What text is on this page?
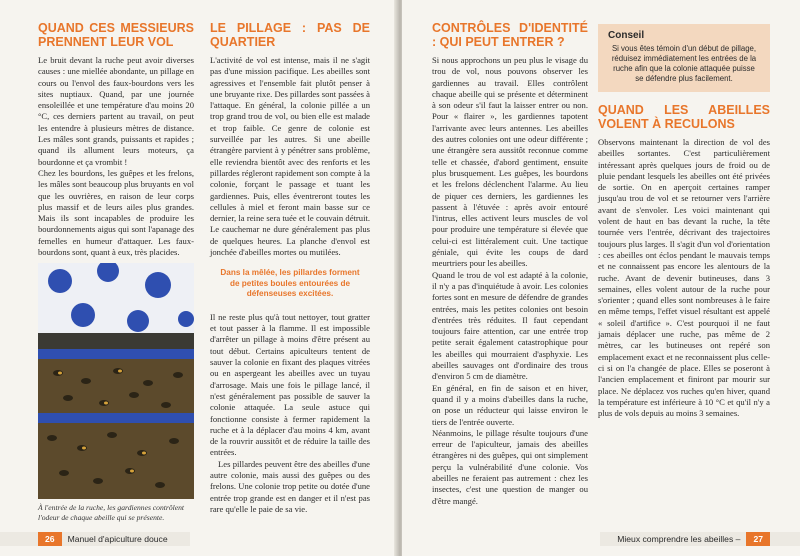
QUAND CES MESSIEURS PRENNENT LEUR VOL

Le bruit devant la ruche peut avoir diverses causes : une miellée abondante, un pillage en cours ou l'envol des faux-bourdons vers les sites nuptiaux. Quand, par une journée ensoleillée et une température d'au moins 20 °C, ces derniers partent au travail, on peut les entendre à plusieurs mètres de distance. Les mâles sont grands, puissants et rapides ; quand ils allument leurs moteurs, ça bourdonne et ça vrombit !

Chez les bourdons, les guêpes et les frelons, les mâles sont beaucoup plus bruyants en vol que les ouvrières, en raison de leur corps plus massif et de leurs ailes plus grandes. Mais ils sont incapables de produire les bourdonnements aigus qui sont l'apanage des femelles en humeur d'attaquer. Les faux-bourdons sont, quant à eux, très placides.

À l'entrée de la ruche, les gardiennes contrôlent l'odeur de chaque abeille qui se présente.
LE PILLAGE : PAS DE QUARTIER

L'activité de vol est intense, mais il ne s'agit pas d'une mission pacifique. Les abeilles sont agressives et l'ensemble fait plutôt penser à une bruyante rixe. Des pillardes sont passées à l'attaque. En général, la colonie pillée a un trop grand trou de vol, ou bien elle est malade et trop faible. Ce genre de colonie est surveillée par les autres. Si une abeille étrangère parvient à y pénétrer sans problème, elle reviendra bientôt avec des renforts et les pillardes régleront rapidement son compte à la colonie, forçant le passage et tuant les gardiennes. Puis, elles éventreront toutes les cellules à miel et feront main basse sur ce dernier, la reine sera tuée et le couvain détruit. Le cauchemar ne dure généralement pas plus de quelques heures. La planche d'envol est jonchée d'abeilles mortes ou mutilées.

Dans la mêlée, les pillardes forment de petites boules entourées de défenseuses excitées.

Il ne reste plus qu'à tout nettoyer, tout gratter et tout passer à la flamme. Il est impossible d'arrêter un pillage à moins d'être présent au tout début. Certains apiculteurs tentent de sauver la colonie en fixant des plaques vitrées ou en aspergeant les abeilles avec un tuyau d'arrosage. Mais une fois le pillage lancé, il n'est généralement pas possible de sauver la colonie attaquée. La seule astuce qui fonctionne consiste à fermer rapidement la ruche et à la déplacer d'au moins 4 km, avant de la rouvrir aussitôt et de réduire la taille des entrées.

Les pillardes peuvent être des abeilles d'une autre colonie, mais aussi des guêpes ou des frelons. Une colonie trop petite ou dotée d'une entrée trop grande est en danger et il n'est pas rare qu'elle le paie de sa vie.

26	Manuel d'apiculture douce
CONTRÔLES D'IDENTITÉ : QUI PEUT ENTRER ?

Si nous approchons un peu plus le visage du trou de vol, nous pouvons observer les gardiennes au travail. Elles contrôlent chaque abeille qui se présente et déterminent à son odeur s'il faut la laisser entrer ou non. Pour « flairer », les gardiennes tapotent l'arrivante avec leurs antennes. Les abeilles des autres colonies ont une odeur différente ; une étrangère sera aussitôt reconnue comme telle et chassée, d'abord gentiment, ensuite plus brusquement. Les guêpes, les bourdons et les frelons déclenchent l'alarme. Au lieu de piquer ces derniers, les gardiennes les passent à l'étuvée : après avoir entouré l'intrus, elles activent leurs muscles de vol pour produire une température si élevée que celui-ci est littéralement cuit. Une tactique géniale, qui évite les coups de dard meurtriers pour les abeilles.

Quand le trou de vol est adapté à la colonie, il n'y a pas d'inquiétude à avoir. Les colonies fortes sont en mesure de défendre de grandes entrées, mais les petites colonies ont besoin d'entrées très réduites. Il faut cependant toujours faire attention, car une entrée trop petite serait également catastrophique pour les abeilles qui mourraient d'asphyxie. Les abeilles sauvages ont d'ordinaire des trous d'environ 5 cm de diamètre.

En général, en fin de saison et en hiver, quand il y a moins d'abeilles dans la ruche, on pose un réducteur qui laisse environ le tiers de l'entrée ouverte.

Néanmoins, le pillage résulte toujours d'une erreur de l'apiculteur, jamais des abeilles étrangères ni des guêpes, qui ont simplement perçu la vulnérabilité d'une colonie. Vos abeilles ne feraient pas autrement : chez les insectes, c'est une question de manger ou d'être mangé.

Conseil
Si vous êtes témoin d'un début de pillage, réduisez immédiatement les entrées de la ruche afin que la colonie attaquée puisse se défendre plus facilement.
QUAND LES ABEILLES VOLENT À RECULONS

Observons maintenant la direction de vol des abeilles sortantes. C'est particulièrement intéressant après quelques jours de froid ou de pluie pendant lesquels les abeilles ont été privées de sortie. On en aperçoit certaines ramper jusqu'au trou de vol et se retourner vers l'arrière avant de s'envoler. Les voici maintenant qui volent de haut en bas devant la ruche, la tête tournée vers l'entrée, décrivant des trajectoires toujours plus larges. Il s'agit d'un vol d'orientation : ces abeilles ont éclos pendant le mauvais temps et ne connaissent pas encore les alentours de la ruche. Avant de devenir butineuses, dans 3 semaines, elles volent autour de la ruche pour s'orienter ; quand elles sont nombreuses à le faire en même temps, l'effet visuel résultant est appelé « soleil d'artifice ». C'est pourquoi il ne faut jamais déplacer une ruche, pas même de 2 mètres, car les butineuses ont repéré son emplacement exact et ne reconnaissent plus celle-ci si on l'a changée de place. Elles se poseront à l'ancien emplacement et finiront par mourir sur place. Ne déplacez vos ruches qu'en hiver, quand la température est inférieure à 10 °C et qu'il n'y a plus de vols depuis au moins 3 semaines.

Mieux comprendre les abeilles –	27
